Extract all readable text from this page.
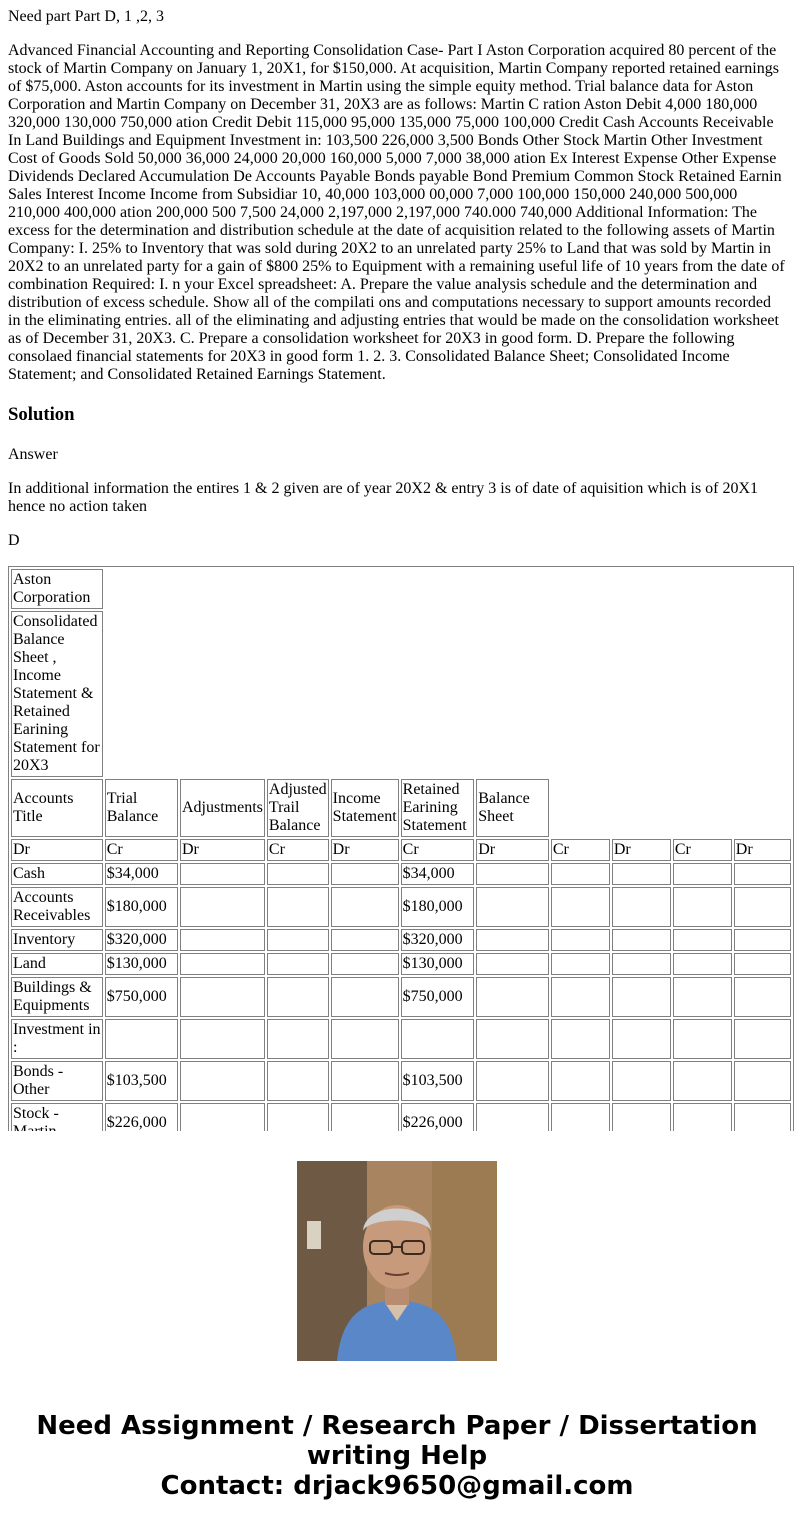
Need part Part D, 1 ,2, 3

Advanced Financial Accounting and Reporting Consolidation Case- Part I Aston Corporation acquired 80 percent of the stock of Martin Company on January 1, 20X1, for $150,000. At acquisition, Martin Company reported retained earnings of $75,000. Aston accounts for its investment in Martin using the simple equity method. Trial balance data for Aston Corporation and Martin Company on December 31, 20X3 are as follows: Martin C ration Aston Debit 4,000 180,000 320,000 130,000 750,000 ation Credit Debit 115,000 95,000 135,000 75,000 100,000 Credit Cash Accounts Receivable In Land Buildings and Equipment Investment in: 103,500 226,000 3,500 Bonds Other Stock Martin Other Investment Cost of Goods Sold 50,000 36,000 24,000 20,000 160,000 5,000 7,000 38,000 ation Ex Interest Expense Other Expense Dividends Declared Accumulation De Accounts Payable Bonds payable Bond Premium Common Stock Retained Earnin Sales Interest Income Income from Subsidiar 10, 40,000 103,000 00,000 7,000 100,000 150,000 240,000 500,000 210,000 400,000 ation 200,000 500 7,500 24,000 2,197,000 2,197,000 740.000 740,000 Additional Information: The excess for the determination and distribution schedule at the date of acquisition related to the following assets of Martin Company: I. 25% to Inventory that was sold during 20X2 to an unrelated party 25% to Land that was sold by Martin in 20X2 to an unrelated party for a gain of $800 25% to Equipment with a remaining useful life of 10 years from the date of combination Required: I. n your Excel spreadsheet: A. Prepare the value analysis schedule and the determination and distribution of excess schedule. Show all of the compilati ons and computations necessary to support amounts recorded in the eliminating entries. all of the eliminating and adjusting entries that would be made on the consolidation worksheet as of December 31, 20X3. C. Prepare a consolidation worksheet for 20X3 in good form. D. Prepare the following consolaed financial statements for 20X3 in good form 1. 2. 3. Consolidated Balance Sheet; Consolidated Income Statement; and Consolidated Retained Earnings Statement.

Solution

Answer

In additional information the entires 1 & 2 given are of year 20X2 & entry 3 is of date of aquisition which is of 20X1 hence no action taken

D

Aston Corporation										
Consolidated Balance Sheet , Income Statement & Retained Earining Statement for 20X3										
Accounts Title	Trial Balance	Adjustments	Adjusted Trail Balance	Income Statement	Retained Earining Statement	Balance Sheet				
Dr	Cr	Dr	Cr	Dr	Cr	Dr	Cr	Dr	Cr	Dr
Cash	$34,000				$34,000					
Accounts Receivables	$180,000				$180,000					
Inventory	$320,000				$320,000					
Land	$130,000				$130,000					
Buildings & Equipments	$750,000				$750,000					
Investment in :										
Bonds - Other	$103,500				$103,500					
Stock -	$226,000				$226,000					

Need Assignment / Research Paper / Dissertation
writing Help
Contact: drjack9650@gmail.com
